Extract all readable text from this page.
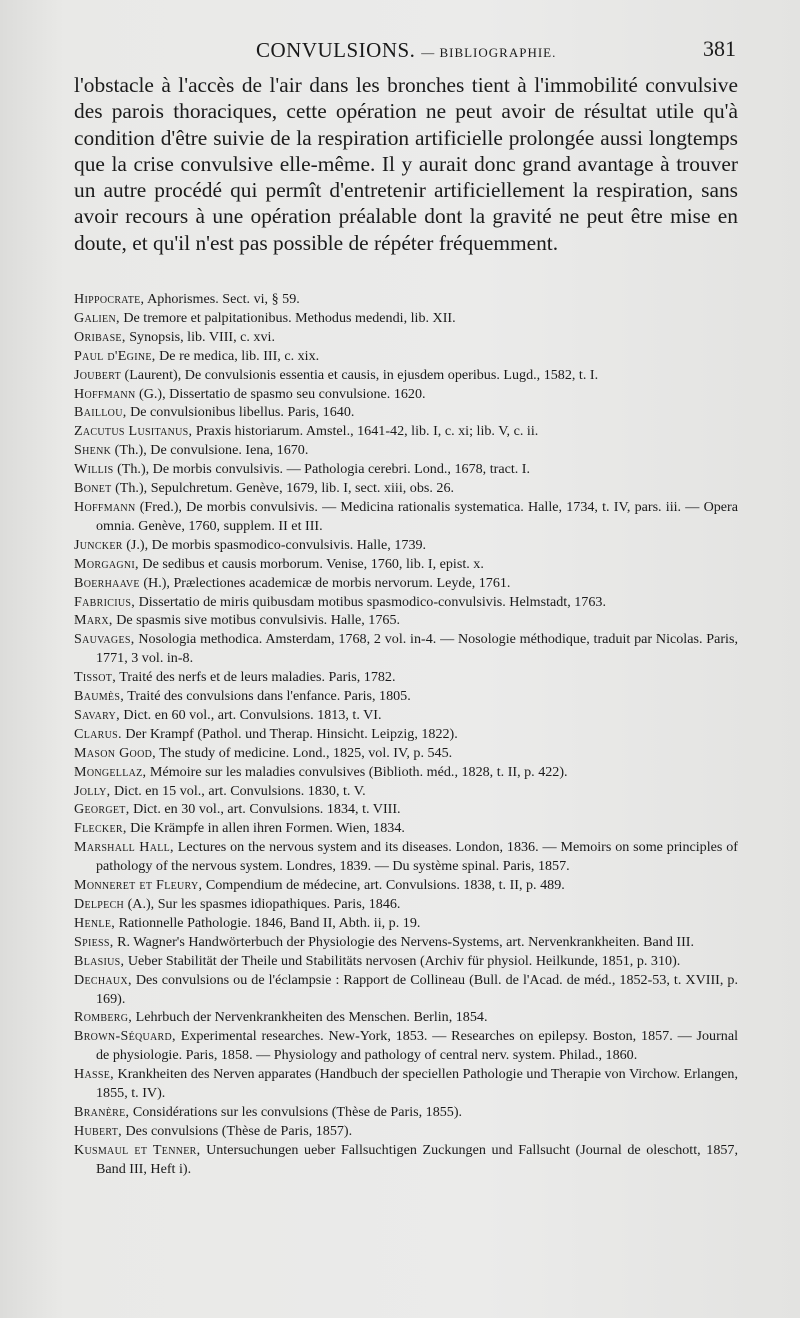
CONVULSIONS. — BIBLIOGRAPHIE.	381

l'obstacle à l'accès de l'air dans les bronches tient à l'immobilité convulsive des parois thoraciques, cette opération ne peut avoir de résultat utile qu'à condition d'être suivie de la respiration artificielle prolongée aussi longtemps que la crise convulsive elle-même. Il y aurait donc grand avantage à trouver un autre procédé qui permît d'entretenir artificiellement la respiration, sans avoir recours à une opération préalable dont la gravité ne peut être mise en doute, et qu'il n'est pas possible de répéter fréquemment.

Hippocrate, Aphorismes. Sect. vi, § 59.

Galien, De tremore et palpitationibus. Methodus medendi, lib. XII.

Oribase, Synopsis, lib. VIII, c. xvi.

Paul d'Egine, De re medica, lib. III, c. xix.

Joubert (Laurent), De convulsionis essentia et causis, in ejusdem operibus. Lugd., 1582, t. I.

Hoffmann (G.), Dissertatio de spasmo seu convulsione. 1620.

Baillou, De convulsionibus libellus. Paris, 1640.

Zacutus Lusitanus, Praxis historiarum. Amstel., 1641-42, lib. I, c. xi; lib. V, c. ii.

Shenk (Th.), De convulsione. Iena, 1670.

Willis (Th.), De morbis convulsivis. — Pathologia cerebri. Lond., 1678, tract. I.

Bonet (Th.), Sepulchretum. Genève, 1679, lib. I, sect. xiii, obs. 26.

Hoffmann (Fred.), De morbis convulsivis. — Medicina rationalis systematica. Halle, 1734, t. IV, pars. iii. — Opera omnia. Genève, 1760, supplem. II et III.

Juncker (J.), De morbis spasmodico-convulsivis. Halle, 1739.

Morgagni, De sedibus et causis morborum. Venise, 1760, lib. I, epist. x.

Boerhaave (H.), Prælectiones academicæ de morbis nervorum. Leyde, 1761.

Fabricius, Dissertatio de miris quibusdam motibus spasmodico-convulsivis. Helmstadt, 1763.

Marx, De spasmis sive motibus convulsivis. Halle, 1765.

Sauvages, Nosologia methodica. Amsterdam, 1768, 2 vol. in-4. — Nosologie méthodique, traduit par Nicolas. Paris, 1771, 3 vol. in-8.

Tissot, Traité des nerfs et de leurs maladies. Paris, 1782.

Baumès, Traité des convulsions dans l'enfance. Paris, 1805.

Savary, Dict. en 60 vol., art. Convulsions. 1813, t. VI.

Clarus. Der Krampf (Pathol. und Therap. Hinsicht. Leipzig, 1822).

Mason Good, The study of medicine. Lond., 1825, vol. IV, p. 545.

Mongellaz, Mémoire sur les maladies convulsives (Biblioth. méd., 1828, t. II, p. 422).

Jolly, Dict. en 15 vol., art. Convulsions. 1830, t. V.

Georget, Dict. en 30 vol., art. Convulsions. 1834, t. VIII.

Flecker, Die Krämpfe in allen ihren Formen. Wien, 1834.

Marshall Hall, Lectures on the nervous system and its diseases. London, 1836. — Memoirs on some principles of pathology of the nervous system. Londres, 1839. — Du système spinal. Paris, 1857.

Monneret et Fleury, Compendium de médecine, art. Convulsions. 1838, t. II, p. 489.

Delpech (A.), Sur les spasmes idiopathiques. Paris, 1846.

Henle, Rationnelle Pathologie. 1846, Band II, Abth. ii, p. 19.

Spiess, R. Wagner's Handwörterbuch der Physiologie des Nervens-Systems, art. Nervenkrankheiten. Band III.

Blasius, Ueber Stabilität der Theile und Stabilitäts nervosen (Archiv für physiol. Heilkunde, 1851, p. 310).

Dechaux, Des convulsions ou de l'éclampsie : Rapport de Collineau (Bull. de l'Acad. de méd., 1852-53, t. XVIII, p. 169).

Romberg, Lehrbuch der Nervenkrankheiten des Menschen. Berlin, 1854.

Brown-Séquard, Experimental researches. New-York, 1853. — Researches on epilepsy. Boston, 1857. — Journal de physiologie. Paris, 1858. — Physiology and pathology of central nerv. system. Philad., 1860.

Hasse, Krankheiten des Nerven apparates (Handbuch der speciellen Pathologie und Therapie von Virchow. Erlangen, 1855, t. IV).

Branère, Considérations sur les convulsions (Thèse de Paris, 1855).

Hubert, Des convulsions (Thèse de Paris, 1857).

Kusmaul et Tenner, Untersuchungen ueber Fallsuchtigen Zuckungen und Fallsucht (Journal de oleschott, 1857, Band III, Heft i).
